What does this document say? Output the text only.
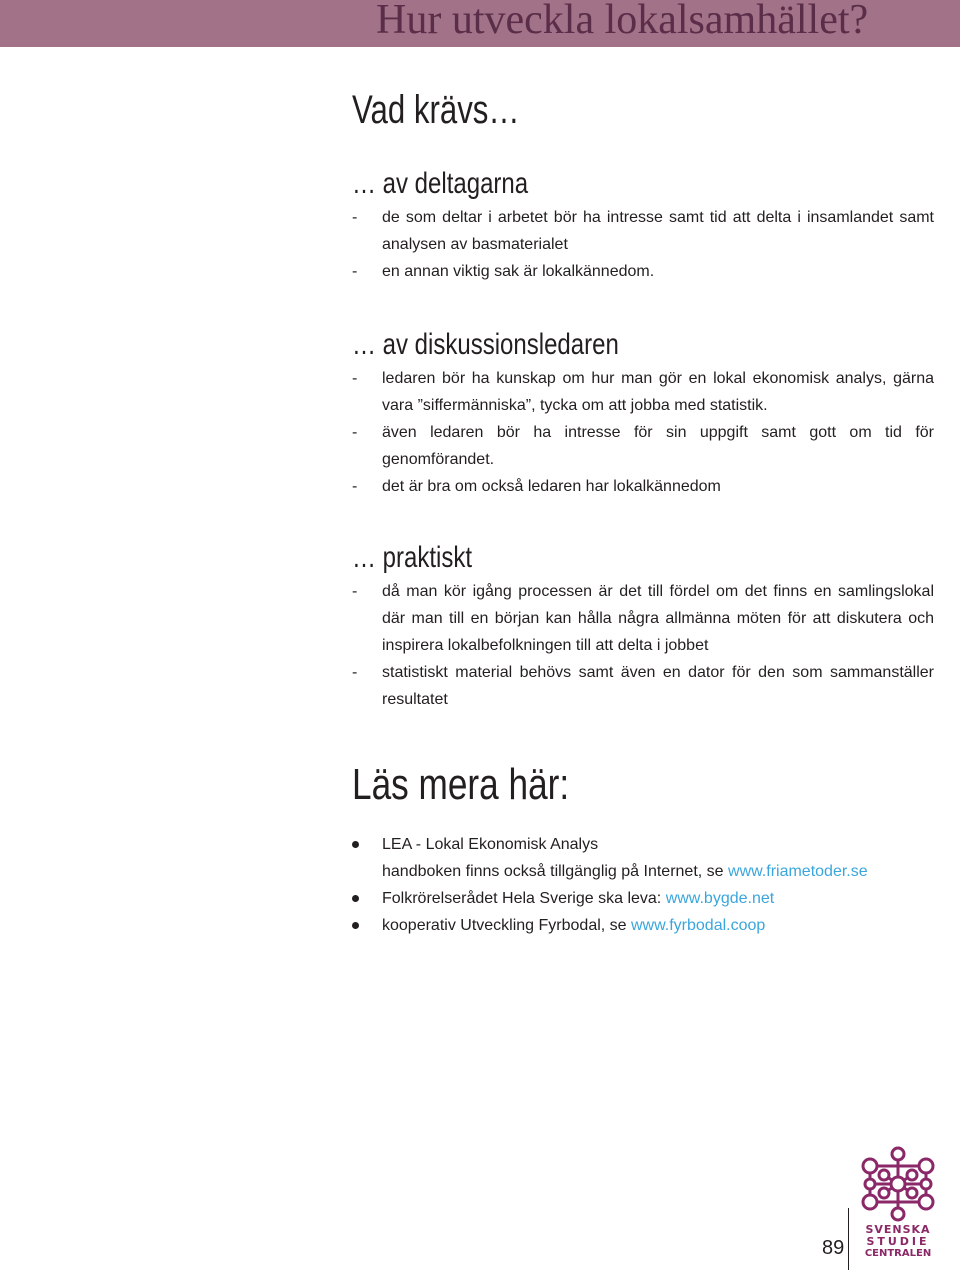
Hur utveckla lokalsamhället?
Vad krävs…
… av deltagarna
- de som deltar i arbetet bör ha intresse samt tid att delta i insamlandet samt analysen av basmaterialet
- en annan viktig sak är lokalkännedom.
… av diskussionsledaren
- ledaren bör ha kunskap om hur man gör en lokal ekonomisk analys, gärna vara ”siffermänniska”, tycka om att jobba med statistik.
- även ledaren bör ha intresse för sin uppgift samt gott om tid för genomförandet.
- det är bra om också ledaren har lokalkännedom
… praktiskt
- då man kör igång processen är det till fördel om det finns en samlingslokal där man till en början kan hålla några allmänna möten för att diskutera och inspirera lokalbefolkningen till att delta i jobbet
- statistiskt material behövs samt även en dator för den som sammanställer resultatet
Läs mera här:
LEA - Lokal Ekonomisk Analys
handboken finns också tillgänglig på Internet, se www.friametoder.se
Folkrörelserådet Hela Sverige ska leva: www.bygde.net
kooperativ Utveckling Fyrbodal, se www.fyrbodal.coop
89
SVENSKA
STUDIE
CENTRALEN
